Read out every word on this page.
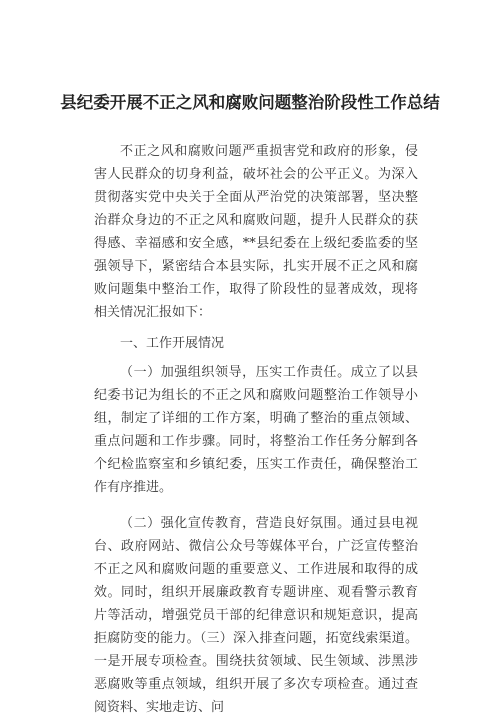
县纪委开展不正之风和腐败问题整治阶段性工作总结

不正之风和腐败问题严重损害党和政府的形象，侵害人民群众的切身利益，破坏社会的公平正义。为深入贯彻落实党中央关于全面从严治党的决策部署，坚决整治群众身边的不正之风和腐败问题，提升人民群众的获得感、幸福感和安全感，**县纪委在上级纪委监委的坚强领导下，紧密结合本县实际，扎实开展不正之风和腐败问题集中整治工作，取得了阶段性的显著成效，现将相关情况汇报如下：

一、工作开展情况

（一）加强组织领导，压实工作责任。成立了以县纪委书记为组长的不正之风和腐败问题整治工作领导小组，制定了详细的工作方案，明确了整治的重点领域、重点问题和工作步骤。同时，将整治工作任务分解到各个纪检监察室和乡镇纪委，压实工作责任，确保整治工作有序推进。

（二）强化宣传教育，营造良好氛围。通过县电视台、政府网站、微信公众号等媒体平台，广泛宣传整治不正之风和腐败问题的重要意义、工作进展和取得的成效。同时，组织开展廉政教育专题讲座、观看警示教育片等活动，增强党员干部的纪律意识和规矩意识，提高拒腐防变的能力。（三）深入排查问题，拓宽线索渠道。一是开展专项检查。围绕扶贫领域、民生领域、涉黑涉恶腐败等重点领域，组织开展了多次专项检查。通过查阅资料、实地走访、问
